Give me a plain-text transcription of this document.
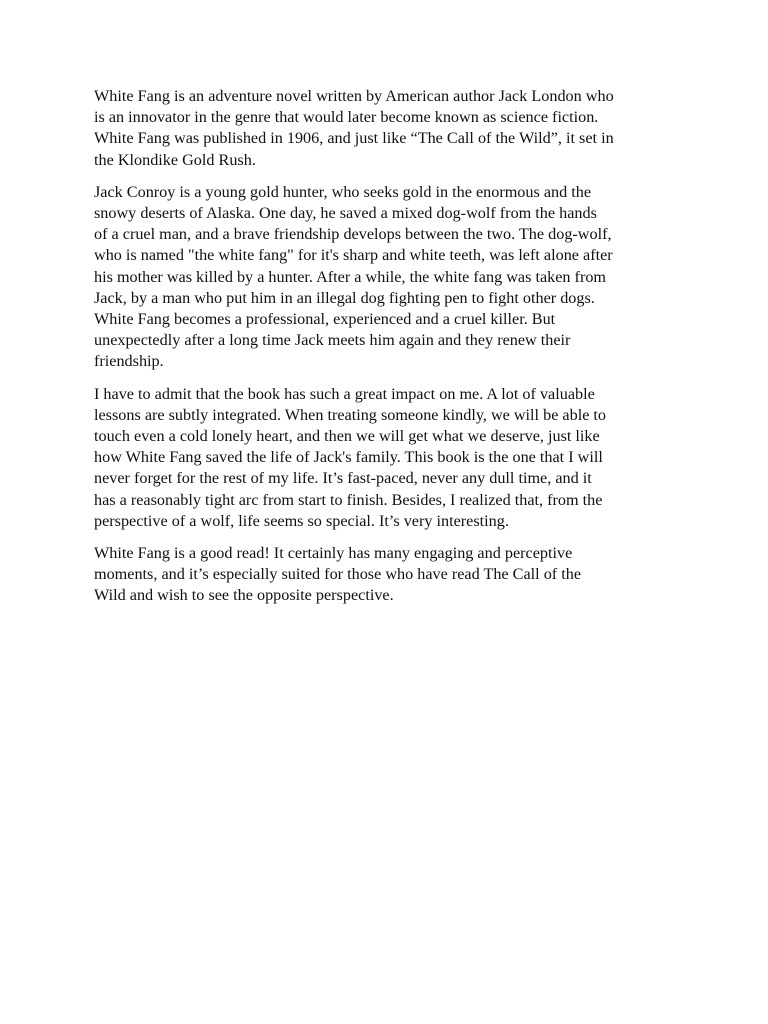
White Fang is an adventure novel written by American author Jack London who
is an innovator in the genre that would later become known as science fiction.
White Fang was published in 1906, and just like “The Call of the Wild”, it set in
the Klondike Gold Rush.

Jack Conroy is a young gold hunter, who seeks gold in the enormous and the
snowy deserts of Alaska. One day, he saved a mixed dog-wolf from the hands
of a cruel man, and a brave friendship develops between the two. The dog-wolf,
who is named "the white fang" for it's sharp and white teeth, was left alone after
his mother was killed by a hunter. After a while, the white fang was taken from
Jack, by a man who put him in an illegal dog fighting pen to fight other dogs.
White Fang becomes a professional, experienced and a cruel killer. But
unexpectedly after a long time Jack meets him again and they renew their
friendship.

I have to admit that the book has such a great impact on me. A lot of valuable
lessons are subtly integrated. When treating someone kindly, we will be able to
touch even a cold lonely heart, and then we will get what we deserve, just like
how White Fang saved the life of Jack's family. This book is the one that I will
never forget for the rest of my life. It’s fast-paced, never any dull time, and it
has a reasonably tight arc from start to finish. Besides, I realized that, from the
perspective of a wolf, life seems so special. It’s very interesting.

White Fang is a good read! It certainly has many engaging and perceptive
moments, and it’s especially suited for those who have read The Call of the
Wild and wish to see the opposite perspective.
